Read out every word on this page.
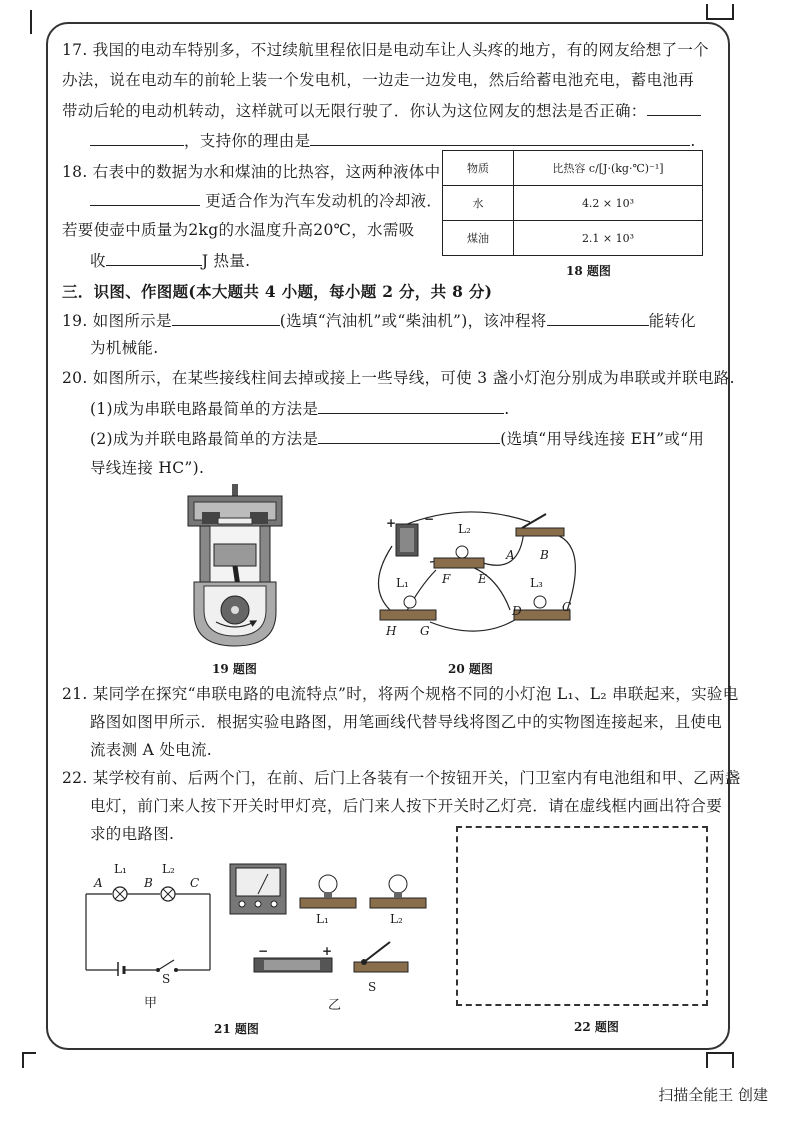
17. 我国的电动车特别多，不过续航里程依旧是电动车让人头疼的地方，有的网友给想了一个
办法，说在电动车的前轮上装一个发电机，一边走一边发电，然后给蓄电池充电，蓄电池再
带动后轮的电动机转动，这样就可以无限行驶了．你认为这位网友的想法是否正确：
，支持你的理由是	.
18. 右表中的数据为水和煤油的比热容，这两种液体中
更适合作为汽车发动机的冷却液．
若要使壶中质量为2kg的水温度升高20℃，水需吸
收	J 热量.
物质	比热容 c/[J·(kg·℃)⁻¹]
水	4.2 × 10³
煤油	2.1 × 10³
18 题图
三．识图、作图题(本大题共 4 小题，每小题 2 分，共 8 分)
19. 如图所示是	(选填“汽油机”或“柴油机”)，该冲程将	能转化
为机械能.
20. 如图所示，在某些接线柱间去掉或接上一些导线，可使 3 盏小灯泡分别成为串联或并联电路.
(1)成为串联电路最简单的方法是	.
(2)成为并联电路最简单的方法是	(选填“用导线连接 EH”或“用
导线连接 HC”).
19 题图
+ −
L₂
A B
F E
L₁	L₃
D	C
H G
20 题图
21. 某同学在探究“串联电路的电流特点”时，将两个规格不同的小灯泡 L₁、L₂ 串联起来，实验电
路图如图甲所示．根据实验电路图，用笔画线代替导线将图乙中的实物图连接起来，且使电
流表测 A 处电流.
22. 某学校有前、后两个门，在前、后门上各装有一个按钮开关，门卫室内有电池组和甲、乙两盏
电灯，前门来人按下开关时甲灯亮，后门来人按下开关时乙灯亮．请在虚线框内画出符合要
求的电路图.
A	B	C
L₁	L₂
S
甲
L₁	L₂
−	+
S
乙
21 题图	22 题图
扫描全能王 创建
